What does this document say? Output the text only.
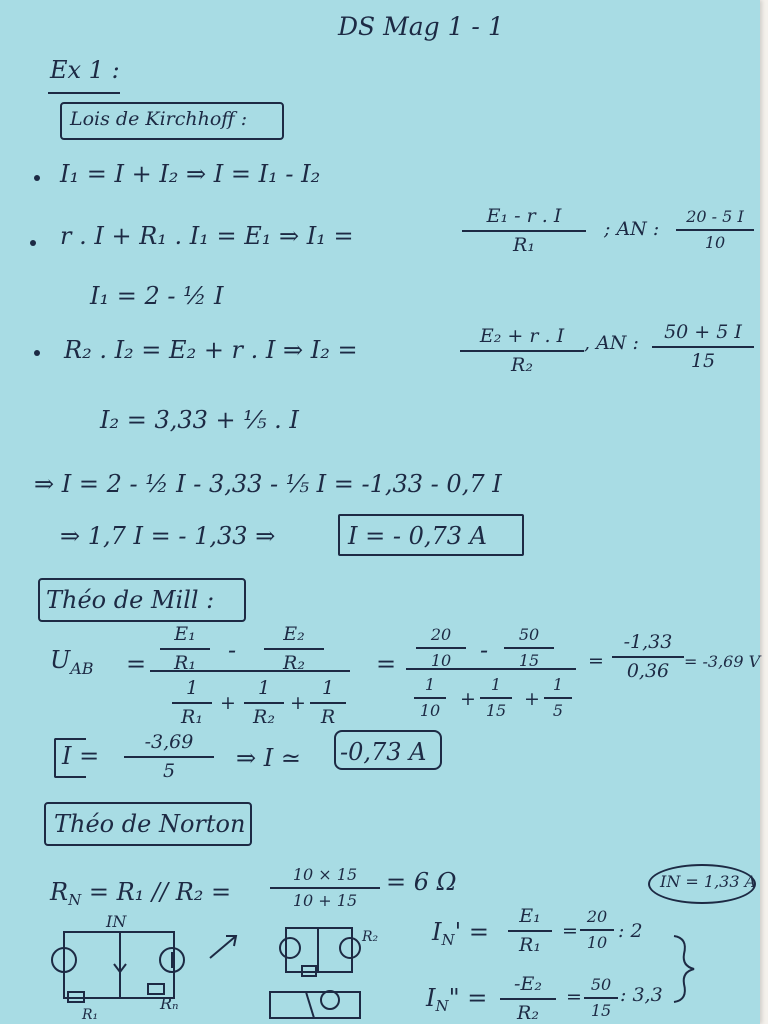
DS Mag 1 - 1
Ex 1 :
Lois de Kirchhoff :
I₁ = I + I₂ ⇒ I = I₁ - I₂
r . I + R₁ . I₁ = E₁ ⇒ I₁ =
E₁ - r . I
R₁
; AN :
20 - 5 I
10
I₁ = 2 - ½ I
R₂ . I₂ = E₂ + r . I ⇒ I₂ =	E₂ + r . I
R₂
, AN :	50 + 5 I
15
I₂ = 3,33 + ⅕ . I
⇒ I = 2 - ½ I - 3,33 - ⅕ I = -1,33 - 0,7 I
⇒ 1,7 I = - 1,33 ⇒	I = - 0,73 A
Théo de Mill :
$U_{AB}$ =
E₁
R₁	-
E₂
R₂
1
R₁
+
1
R₂
+
1
R
=
20
10	-
50
15
1
10
+
1
15
+
1
5
=
-1,33
0,36 = -3,69 V
I =	-3,69
5	⇒ I ≃ -0,73 A
Théo de Norton
$R_N = R_1 // R_2$ =
10 × 15
10 + 15
= 6 Ω	IN = 1,33 A
IN
R₁
Rₙ
R₂ $I_N'$ =
E₁
R₁
=
20
10
: 2
$I_N$" =	-E₂
R₂
=
50
15
: 3,3
